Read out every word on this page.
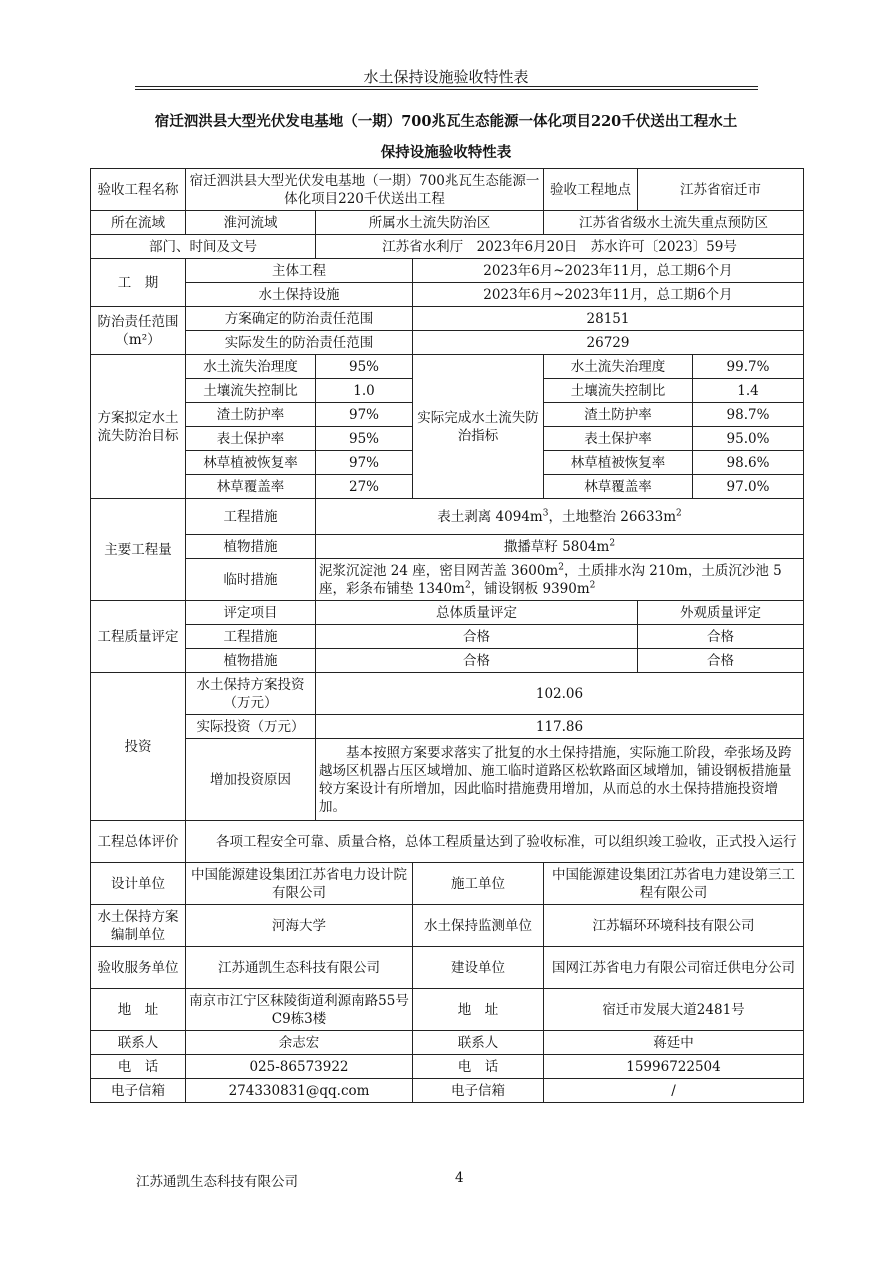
水土保持设施验收特性表
宿迁泗洪县大型光伏发电基地（一期）700兆瓦生态能源一体化项目220千伏送出工程水土
保持设施验收特性表
验收工程名称	宿迁泗洪县大型光伏发电基地（一期）700兆瓦生态能源一体化项目220千伏送出工程			验收工程地点	江苏省宿迁市	
所在流域	淮河流域	所属水土流失防治区		江苏省省级水土流失重点预防区		
部门、时间及文号		江苏省水利厅　2023年6月20日　苏水许可〔2023〕59号				
工　期	主体工程		2023年6月~2023年11月，总工期6个月			
	水土保持设施		2023年6月~2023年11月，总工期6个月			
防治责任范围（m²）	方案确定的防治责任范围		28151			
	实际发生的防治责任范围		26729			
方案拟定水土流失防治目标	水土流失治理度	95%	实际完成水土流失防治指标	水土流失治理度		99.7%
	土壤流失控制比	1.0		土壤流失控制比		1.4
	渣土防护率	97%		渣土防护率		98.7%
	表土保护率	95%		表土保护率		95.0%
	林草植被恢复率	97%		林草植被恢复率		98.6%
	林草覆盖率	27%		林草覆盖率		97.0%
主要工程量	工程措施	表土剥离 $4094m^3$，土地整治 $26633m^2$
	植物措施	撒播草籽 $5804m^2$
	临时措施	泥浆沉淀池 24 座，密目网苦盖 $3600m^2$，土质排水沟 210m，土质沉沙池 5 座，彩条布铺垫 $1340m^2$，铺设钢板 $9390m^2$
工程质量评定	评定项目	总体质量评定			外观质量评定	
	工程措施	合格			合格	
	植物措施	合格			合格	
投资	水土保持方案投资（万元）	102.06				
	实际投资（万元）	117.86				
	增加投资原因	基本按照方案要求落实了批复的水土保持措施，实际施工阶段，牵张场及跨越场区机器占压区域增加、施工临时道路区松软路面区域增加，铺设钢板措施量较方案设计有所增加，因此临时措施费用增加，从而总的水土保持措施投资增加。				
工程总体评价	各项工程安全可靠、质量合格，总体工程质量达到了验收标准，可以组织竣工验收，正式投入运行					
设计单位	中国能源建设集团江苏省电力设计院有限公司		施工单位	中国能源建设集团江苏省电力建设第三工程有限公司		
水土保持方案编制单位	河海大学		水土保持监测单位	江苏辐环环境科技有限公司		
验收服务单位	江苏通凯生态科技有限公司		建设单位	国网江苏省电力有限公司宿迁供电分公司		
地　址	南京市江宁区秣陵街道利源南路55号C9栋3楼		地　址	宿迁市发展大道2481号		
联系人	余志宏		联系人	蒋廷中		
电　话	025-86573922		电　话	15996722504		
电子信箱	274330831@qq.com		电子信箱	/		
江苏通凯生态科技有限公司	4
